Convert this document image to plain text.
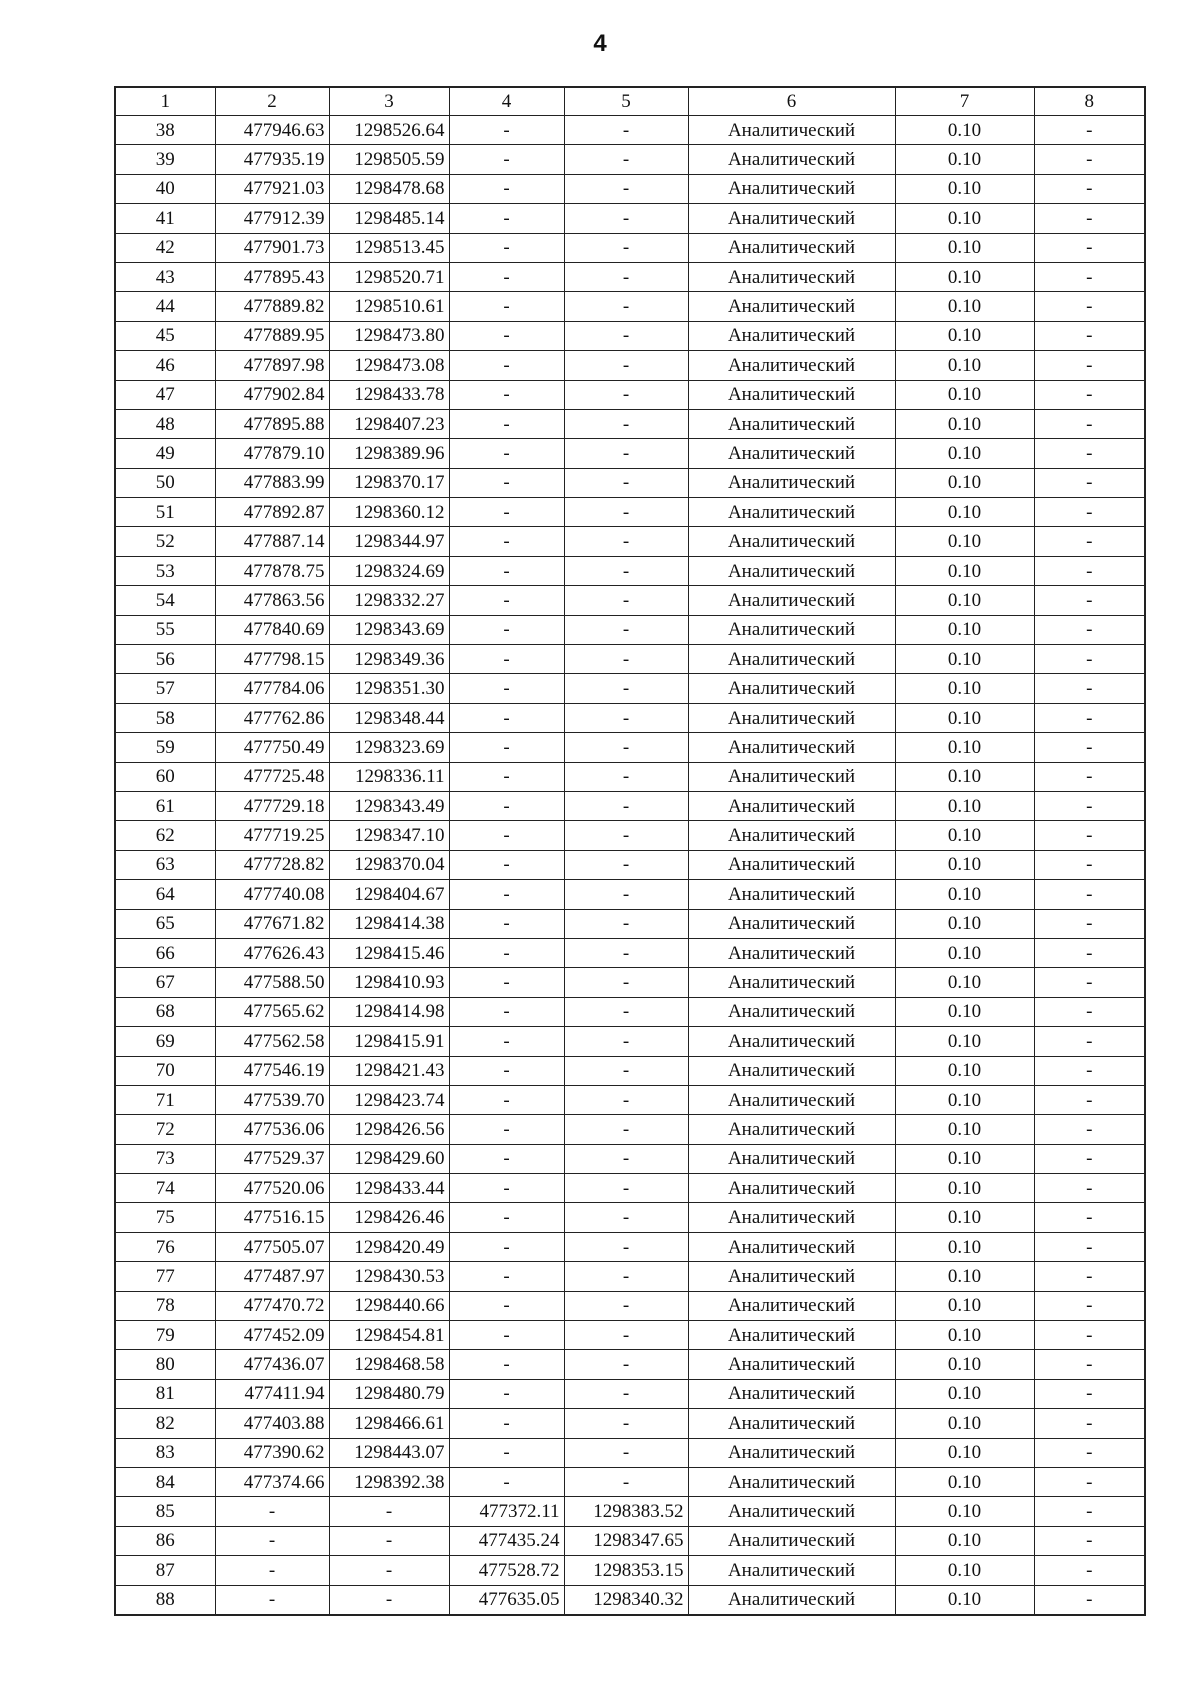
4
1	2	3	4	5	6	7	8
38	477946.63	1298526.64	-	-	Аналитический	0.10	-
39	477935.19	1298505.59	-	-	Аналитический	0.10	-
40	477921.03	1298478.68	-	-	Аналитический	0.10	-
41	477912.39	1298485.14	-	-	Аналитический	0.10	-
42	477901.73	1298513.45	-	-	Аналитический	0.10	-
43	477895.43	1298520.71	-	-	Аналитический	0.10	-
44	477889.82	1298510.61	-	-	Аналитический	0.10	-
45	477889.95	1298473.80	-	-	Аналитический	0.10	-
46	477897.98	1298473.08	-	-	Аналитический	0.10	-
47	477902.84	1298433.78	-	-	Аналитический	0.10	-
48	477895.88	1298407.23	-	-	Аналитический	0.10	-
49	477879.10	1298389.96	-	-	Аналитический	0.10	-
50	477883.99	1298370.17	-	-	Аналитический	0.10	-
51	477892.87	1298360.12	-	-	Аналитический	0.10	-
52	477887.14	1298344.97	-	-	Аналитический	0.10	-
53	477878.75	1298324.69	-	-	Аналитический	0.10	-
54	477863.56	1298332.27	-	-	Аналитический	0.10	-
55	477840.69	1298343.69	-	-	Аналитический	0.10	-
56	477798.15	1298349.36	-	-	Аналитический	0.10	-
57	477784.06	1298351.30	-	-	Аналитический	0.10	-
58	477762.86	1298348.44	-	-	Аналитический	0.10	-
59	477750.49	1298323.69	-	-	Аналитический	0.10	-
60	477725.48	1298336.11	-	-	Аналитический	0.10	-
61	477729.18	1298343.49	-	-	Аналитический	0.10	-
62	477719.25	1298347.10	-	-	Аналитический	0.10	-
63	477728.82	1298370.04	-	-	Аналитический	0.10	-
64	477740.08	1298404.67	-	-	Аналитический	0.10	-
65	477671.82	1298414.38	-	-	Аналитический	0.10	-
66	477626.43	1298415.46	-	-	Аналитический	0.10	-
67	477588.50	1298410.93	-	-	Аналитический	0.10	-
68	477565.62	1298414.98	-	-	Аналитический	0.10	-
69	477562.58	1298415.91	-	-	Аналитический	0.10	-
70	477546.19	1298421.43	-	-	Аналитический	0.10	-
71	477539.70	1298423.74	-	-	Аналитический	0.10	-
72	477536.06	1298426.56	-	-	Аналитический	0.10	-
73	477529.37	1298429.60	-	-	Аналитический	0.10	-
74	477520.06	1298433.44	-	-	Аналитический	0.10	-
75	477516.15	1298426.46	-	-	Аналитический	0.10	-
76	477505.07	1298420.49	-	-	Аналитический	0.10	-
77	477487.97	1298430.53	-	-	Аналитический	0.10	-
78	477470.72	1298440.66	-	-	Аналитический	0.10	-
79	477452.09	1298454.81	-	-	Аналитический	0.10	-
80	477436.07	1298468.58	-	-	Аналитический	0.10	-
81	477411.94	1298480.79	-	-	Аналитический	0.10	-
82	477403.88	1298466.61	-	-	Аналитический	0.10	-
83	477390.62	1298443.07	-	-	Аналитический	0.10	-
84	477374.66	1298392.38	-	-	Аналитический	0.10	-
85	-	-	477372.11	1298383.52	Аналитический	0.10	-
86	-	-	477435.24	1298347.65	Аналитический	0.10	-
87	-	-	477528.72	1298353.15	Аналитический	0.10	-
88	-	-	477635.05	1298340.32	Аналитический	0.10	-
